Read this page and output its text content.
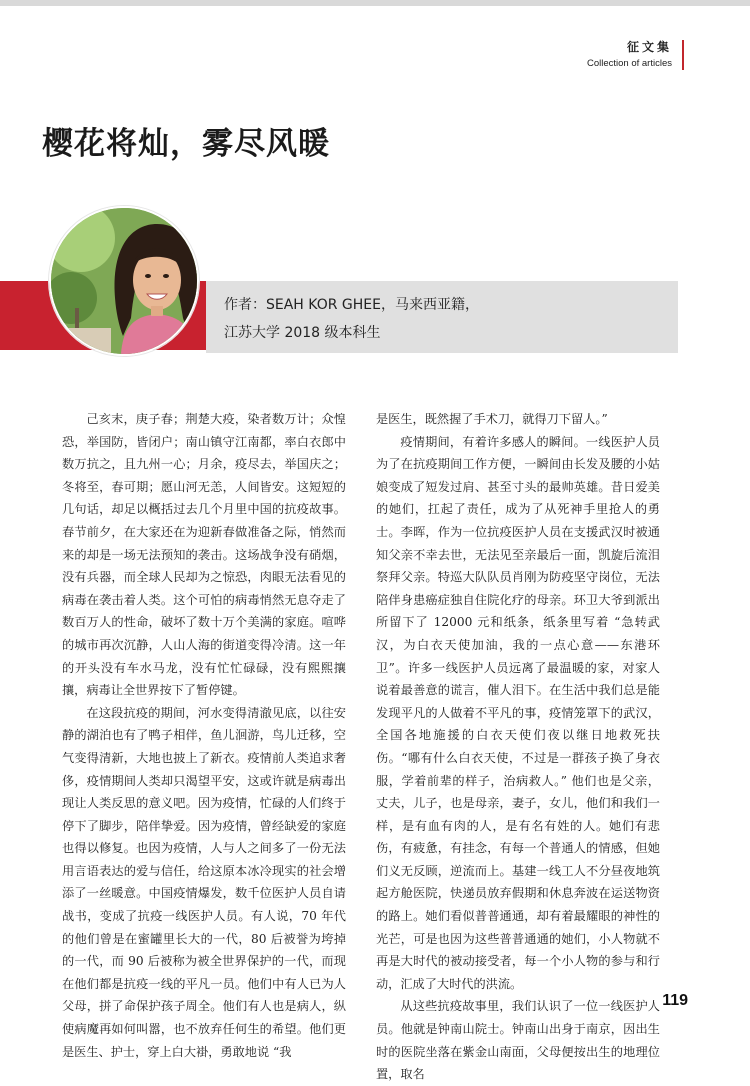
征文集
Collection of articles
樱花将灿，雾尽风暖
作者：SEAH KOR GHEE，马来西亚籍，
江苏大学 2018 级本科生

己亥末，庚子春；荆楚大疫，染者数万计；众惶恐，举国防，皆闭户；南山镇守江南都，率白衣郎中数万抗之，且九州一心；月余，疫尽去，举国庆之；冬将至，春可期；愿山河无恙，人间皆安。这短短的几句话，却足以概括过去几个月里中国的抗疫故事。春节前夕，在大家还在为迎新春做准备之际，悄然而来的却是一场无法预知的袭击。这场战争没有硝烟，没有兵器，而全球人民却为之惊恐，肉眼无法看见的病毒在袭击着人类。这个可怕的病毒悄然无息夺走了数百万人的性命，破坏了数十万个美满的家庭。喧哗的城市再次沉静，人山人海的街道变得冷清。这一年的开头没有车水马龙，没有忙忙碌碌，没有熙熙攘攘，病毒让全世界按下了暂停键。

在这段抗疫的期间，河水变得清澈见底，以往安静的湖泊也有了鸭子相伴，鱼儿洄游，鸟儿迁移，空气变得清新，大地也披上了新衣。疫情前人类追求奢侈，疫情期间人类却只渴望平安，这或许就是病毒出现让人类反思的意义吧。因为疫情，忙碌的人们终于停下了脚步，陪伴挚爱。因为疫情，曾经缺爱的家庭也得以修复。也因为疫情，人与人之间多了一份无法用言语表达的爱与信任，给这原本冰冷现实的社会增添了一丝暖意。中国疫情爆发，数千位医护人员自请战书，变成了抗疫一线医护人员。有人说，70 年代的他们曾是在蜜罐里长大的一代，80 后被誉为垮掉的一代，而 90 后被称为被全世界保护的一代，而现在他们都是抗疫一线的平凡一员。他们中有人已为人父母，拼了命保护孩子周全。他们有人也是病人，纵使病魔再如何叫嚣，也不放弃任何生的希望。他们更是医生、护士，穿上白大褂，勇敢地说 “我

是医生，既然握了手术刀，就得刀下留人。”

疫情期间，有着许多感人的瞬间。一线医护人员为了在抗疫期间工作方便，一瞬间由长发及腰的小姑娘变成了短发过肩、甚至寸头的最帅英雄。昔日爱美的她们，扛起了责任，成为了从死神手里抢人的勇士。李晖，作为一位抗疫医护人员在支援武汉时被通知父亲不幸去世，无法见至亲最后一面，凯旋后流泪祭拜父亲。特巡大队队员肖刚为防疫坚守岗位，无法陪伴身患癌症独自住院化疗的母亲。环卫大爷到派出所留下了 12000 元和纸条，纸条里写着 “急转武汉，为白衣天使加油，我的一点心意——东港环卫”。许多一线医护人员远离了最温暖的家，对家人说着最善意的谎言，催人泪下。在生活中我们总是能发现平凡的人做着不平凡的事，疫情笼罩下的武汉，全国各地施援的白衣天使们夜以继日地救死扶伤。“哪有什么白衣天使，不过是一群孩子换了身衣服，学着前辈的样子，治病救人。” 他们也是父亲，丈夫，儿子，也是母亲，妻子，女儿，他们和我们一样，是有血有肉的人，是有名有姓的人。她们有悲伤，有疲惫，有挂念，有每一个普通人的情感，但她们义无反顾，逆流而上。基建一线工人不分昼夜地筑起方舱医院，快递员放弃假期和休息奔波在运送物资的路上。她们看似普普通通，却有着最耀眼的神性的光芒，可是也因为这些普普通通的她们，小人物就不再是大时代的被动接受者，每一个小人物的参与和行动，汇成了大时代的洪流。

从这些抗疫故事里，我们认识了一位一线医护人员。他就是钟南山院士。钟南山出身于南京，因出生时的医院坐落在紫金山南面，父母便按出生的地理位置，取名

119
